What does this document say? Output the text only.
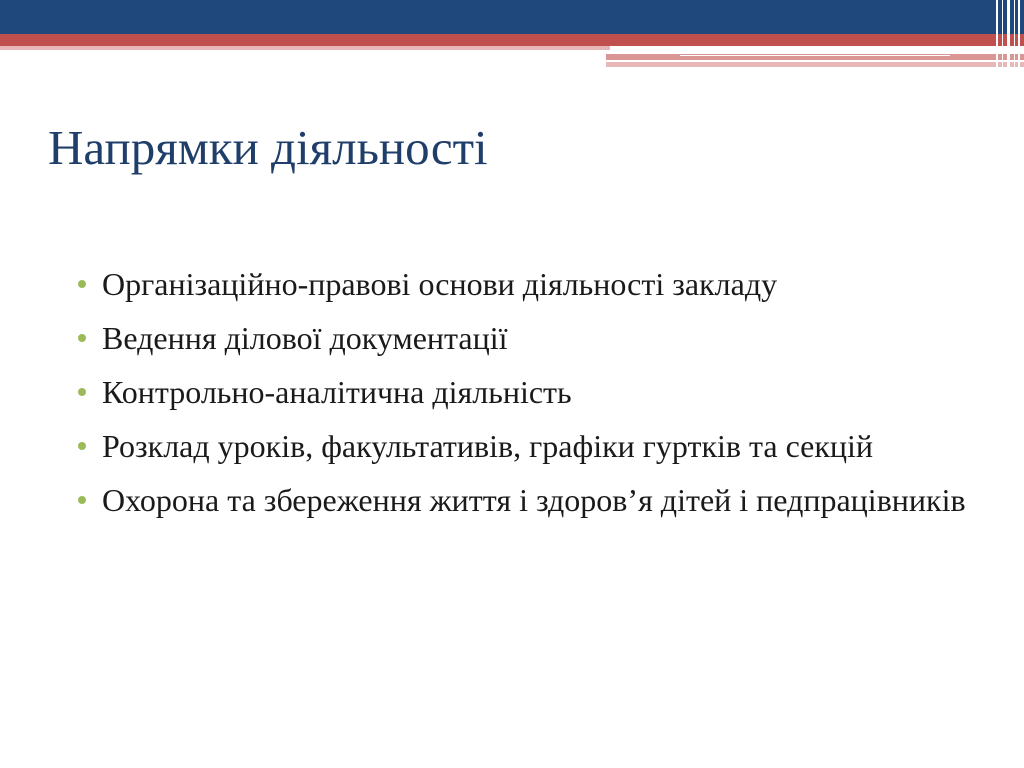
Напрямки діяльності
Організаційно-правові основи діяльності закладу
Ведення ділової документації
Контрольно-аналітична діяльність
Розклад уроків, факультативів, графіки гуртків та секцій
Охорона та збереження життя і здоров’я дітей і педпрацівників
